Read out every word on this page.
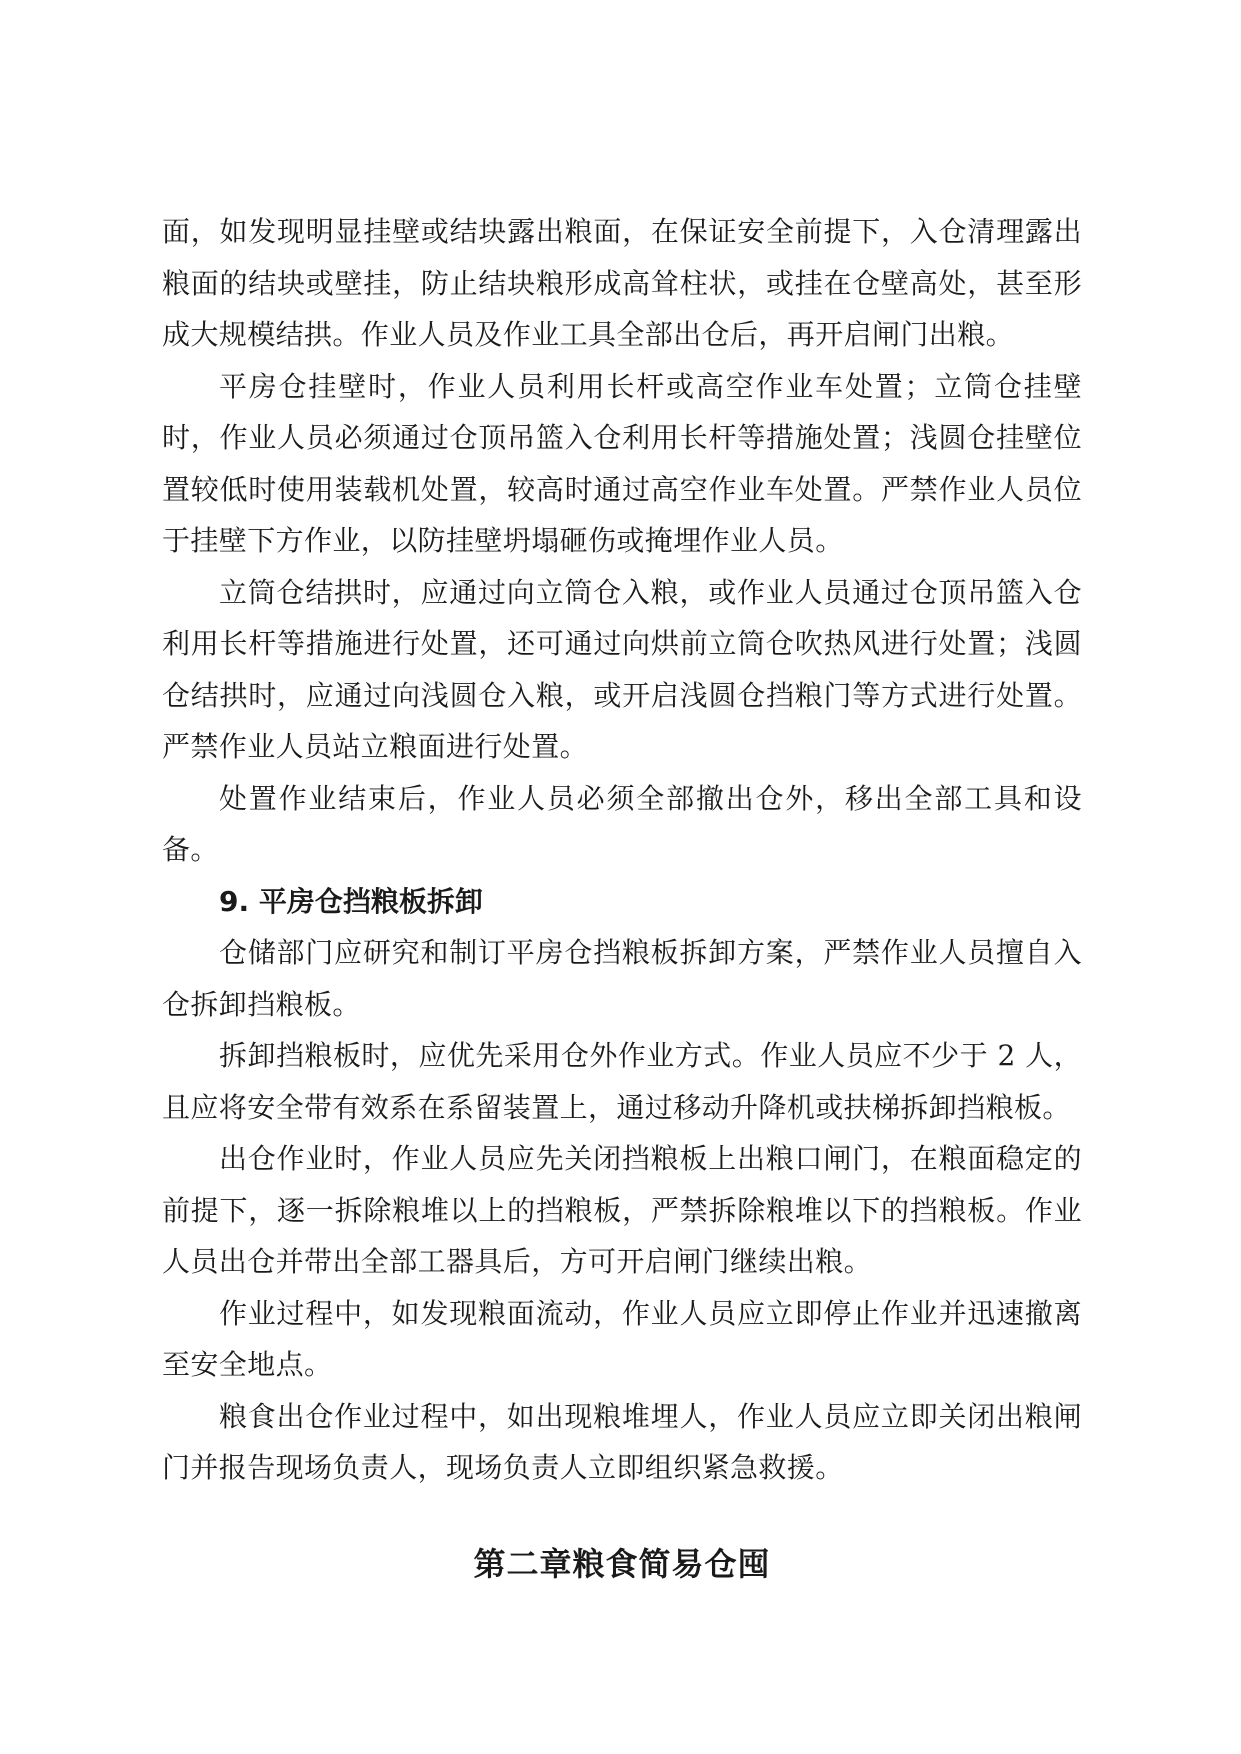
面，如发现明显挂壁或结块露出粮面，在保证安全前提下，入仓清理露出粮面的结块或壁挂，防止结块粮形成高耸柱状，或挂在仓壁高处，甚至形成大规模结拱。作业人员及作业工具全部出仓后，再开启闸门出粮。

平房仓挂壁时，作业人员利用长杆或高空作业车处置；立筒仓挂壁时，作业人员必须通过仓顶吊篮入仓利用长杆等措施处置；浅圆仓挂壁位置较低时使用装载机处置，较高时通过高空作业车处置。严禁作业人员位于挂壁下方作业，以防挂壁坍塌砸伤或掩埋作业人员。

立筒仓结拱时，应通过向立筒仓入粮，或作业人员通过仓顶吊篮入仓利用长杆等措施进行处置，还可通过向烘前立筒仓吹热风进行处置；浅圆仓结拱时，应通过向浅圆仓入粮，或开启浅圆仓挡粮门等方式进行处置。严禁作业人员站立粮面进行处置。

处置作业结束后，作业人员必须全部撤出仓外，移出全部工具和设备。

9. 平房仓挡粮板拆卸

仓储部门应研究和制订平房仓挡粮板拆卸方案，严禁作业人员擅自入仓拆卸挡粮板。

拆卸挡粮板时，应优先采用仓外作业方式。作业人员应不少于 2 人，且应将安全带有效系在系留装置上，通过移动升降机或扶梯拆卸挡粮板。

出仓作业时，作业人员应先关闭挡粮板上出粮口闸门，在粮面稳定的前提下，逐一拆除粮堆以上的挡粮板，严禁拆除粮堆以下的挡粮板。作业人员出仓并带出全部工器具后，方可开启闸门继续出粮。

作业过程中，如发现粮面流动，作业人员应立即停止作业并迅速撤离至安全地点。

粮食出仓作业过程中，如出现粮堆埋人，作业人员应立即关闭出粮闸门并报告现场负责人，现场负责人立即组织紧急救援。

第二章粮食简易仓囤
